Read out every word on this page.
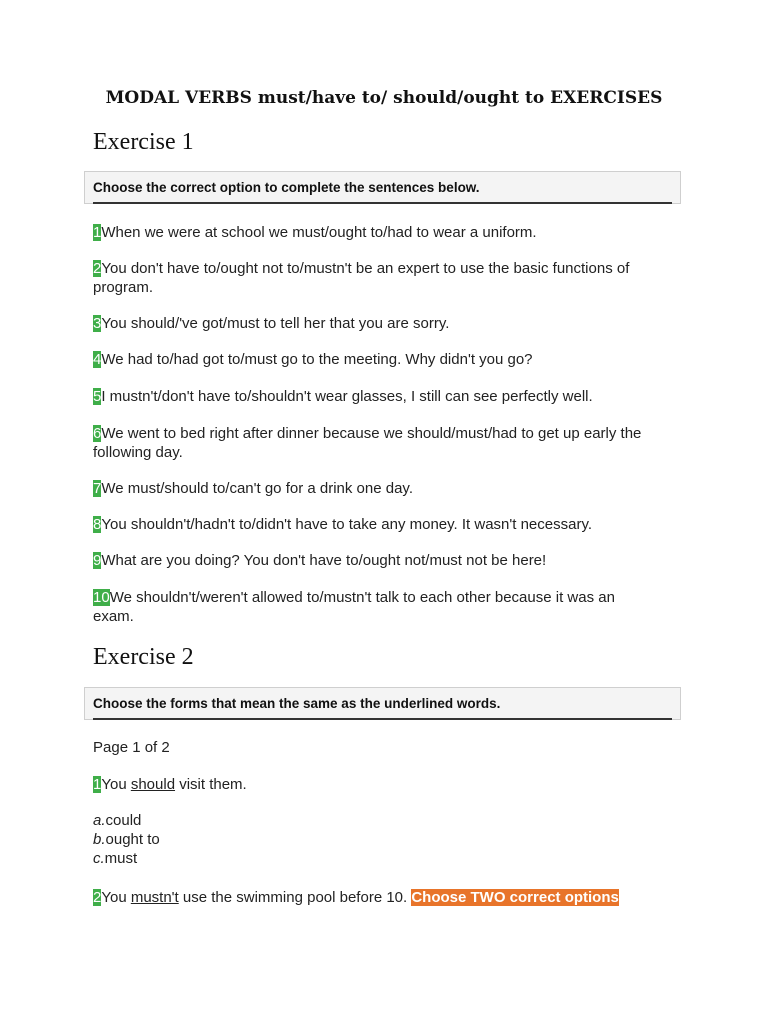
MODAL VERBS must/have to/ should/ought to EXERCISES
Exercise 1
Choose the correct option to complete the sentences below.
1When we were at school we must/ought to/had to wear a uniform.
2You don't have to/ought not to/mustn't be an expert to use the basic functions of program.
3You should/'ve got/must to tell her that you are sorry.
4We had to/had got to/must go to the meeting. Why didn't you go?
5I mustn't/don't have to/shouldn't wear glasses, I still can see perfectly well.
6We went to bed right after dinner because we should/must/had to get up early the following day.
7We must/should to/can't go for a drink one day.
8You shouldn't/hadn't to/didn't have to take any money. It wasn't necessary.
9What are you doing? You don't have to/ought not/must not be here!
10We shouldn't/weren't allowed to/mustn't talk to each other because it was an exam.
Exercise 2
Choose the forms that mean the same as the underlined words.
Page 1 of 2
1You should visit them.
a.could
b.ought to
c.must
2You mustn't use the swimming pool before 10. Choose TWO correct options
